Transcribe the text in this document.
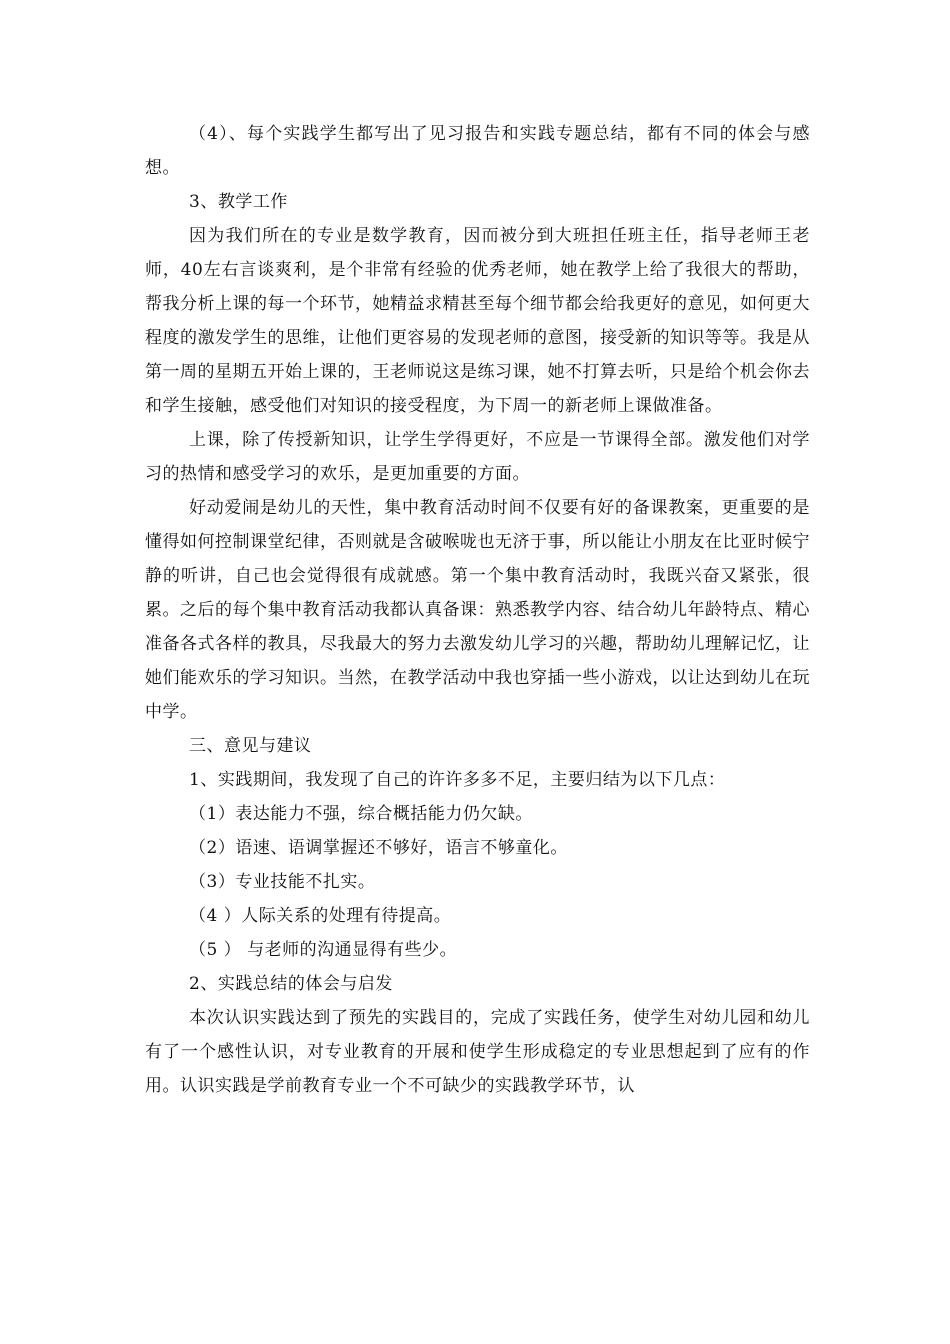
（4）、每个实践学生都写出了见习报告和实践专题总结，都有不同的体会与感想。

3、教学工作

因为我们所在的专业是数学教育，因而被分到大班担任班主任，指导老师王老师，40左右言谈爽利，是个非常有经验的优秀老师，她在教学上给了我很大的帮助，帮我分析上课的每一个环节，她精益求精甚至每个细节都会给我更好的意见，如何更大程度的激发学生的思维，让他们更容易的发现老师的意图，接受新的知识等等。我是从第一周的星期五开始上课的，王老师说这是练习课，她不打算去听，只是给个机会你去和学生接触，感受他们对知识的接受程度，为下周一的新老师上课做准备。

上课，除了传授新知识，让学生学得更好，不应是一节课得全部。激发他们对学习的热情和感受学习的欢乐，是更加重要的方面。

好动爱闹是幼儿的天性，集中教育活动时间不仅要有好的备课教案，更重要的是懂得如何控制课堂纪律，否则就是含破喉咙也无济于事，所以能让小朋友在比亚时候宁静的听讲，自己也会觉得很有成就感。第一个集中教育活动时，我既兴奋又紧张，很累。之后的每个集中教育活动我都认真备课：熟悉教学内容、结合幼儿年龄特点、精心准备各式各样的教具，尽我最大的努力去激发幼儿学习的兴趣，帮助幼儿理解记忆，让她们能欢乐的学习知识。当然，在教学活动中我也穿插一些小游戏，以让达到幼儿在玩中学。

三、意见与建议

1、实践期间，我发现了自己的许许多多不足，主要归结为以下几点：

（1）表达能力不强，综合概括能力仍欠缺。

（2）语速、语调掌握还不够好，语言不够童化。

（3）专业技能不扎实。

（4 ）人际关系的处理有待提高。

（5 ） 与老师的沟通显得有些少。

2、实践总结的体会与启发

本次认识实践达到了预先的实践目的，完成了实践任务，使学生对幼儿园和幼儿有了一个感性认识，对专业教育的开展和使学生形成稳定的专业思想起到了应有的作用。认识实践是学前教育专业一个不可缺少的实践教学环节，认
